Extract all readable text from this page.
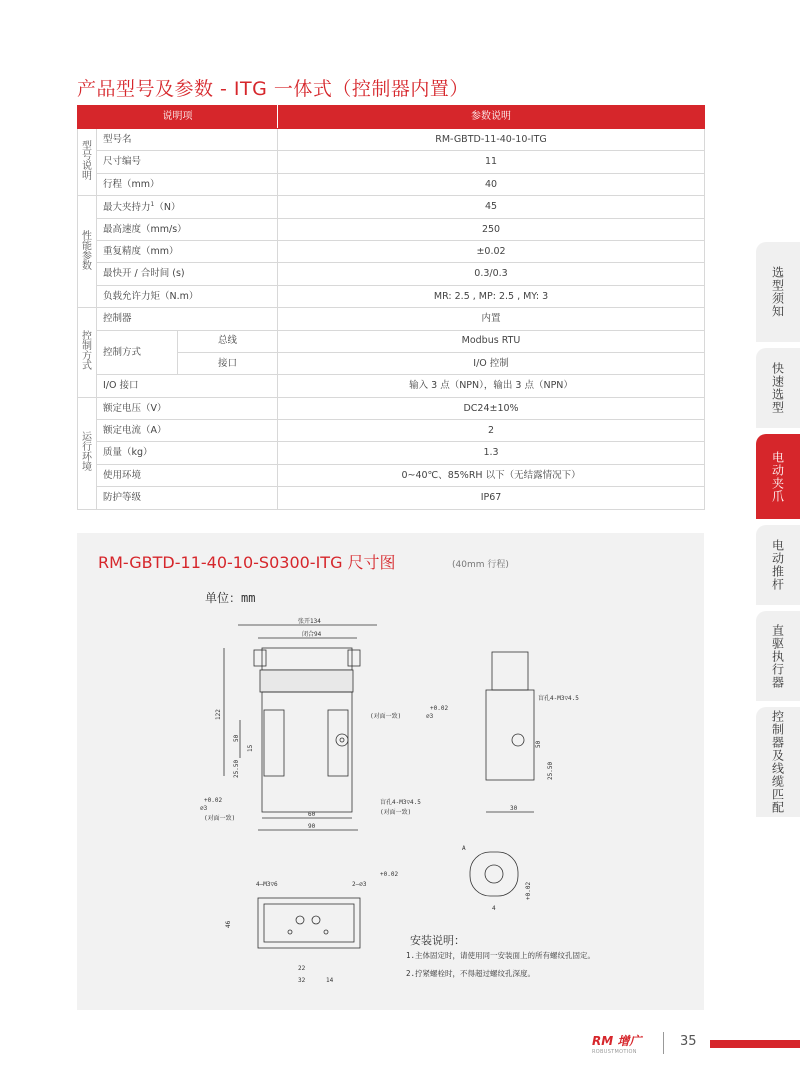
产品型号及参数 - ITG 一体式（控制器内置）
说明项			参数说明

型号说明	型号名		RM-GBTD-11-40-10-ITG
	尺寸编号		11
	行程（mm）		40

性能参数	最大夹持力$^1$（N）		45
	最高速度（mm/s）		250
	重复精度（mm）		±0.02
	最快开 / 合时间 (s)		0.3/0.3
	负载允许力矩（N.m）		MR: 2.5 , MP: 2.5 , MY: 3

控制方式	控制器		内置
	控制方式	总线	Modbus RTU
		接口	I/O 控制
	I/O 接口		输入 3 点（NPN），输出 3 点（NPN）

运行环境	额定电压（V）		DC24±10%
	额定电流（A）		2
	质量（kg）		1.3
	使用环境		0~40℃、85%RH 以下（无结露情况下）
	防护等级		IP67
选型须知
快速选型
电动夹爪
电动推杆
直驱执行器
控制器及线缆匹配
RM-GBTD-11-40-10-S0300-ITG 尺寸图	(40mm 行程)
单位：mm
张开134
闭合94
122
50
15
25.50
60
90
+0.02
⌀3
(对面一致)
盲孔4-M3▽4.5
(对面一致)
(对面一致)
30
+0.02
⌀3
盲孔4-M3▽4.5
50
25.50
4—M3▽6	2—⌀3
+0.02
46
22
32	14
A
4
+0.02
安装说明：
1.主体固定时，请使用同一安装面上的所有螺纹孔固定。
2.拧紧螺栓时，不得超过螺纹孔深度。
RM 增广
ROBUSTMOTION
35
